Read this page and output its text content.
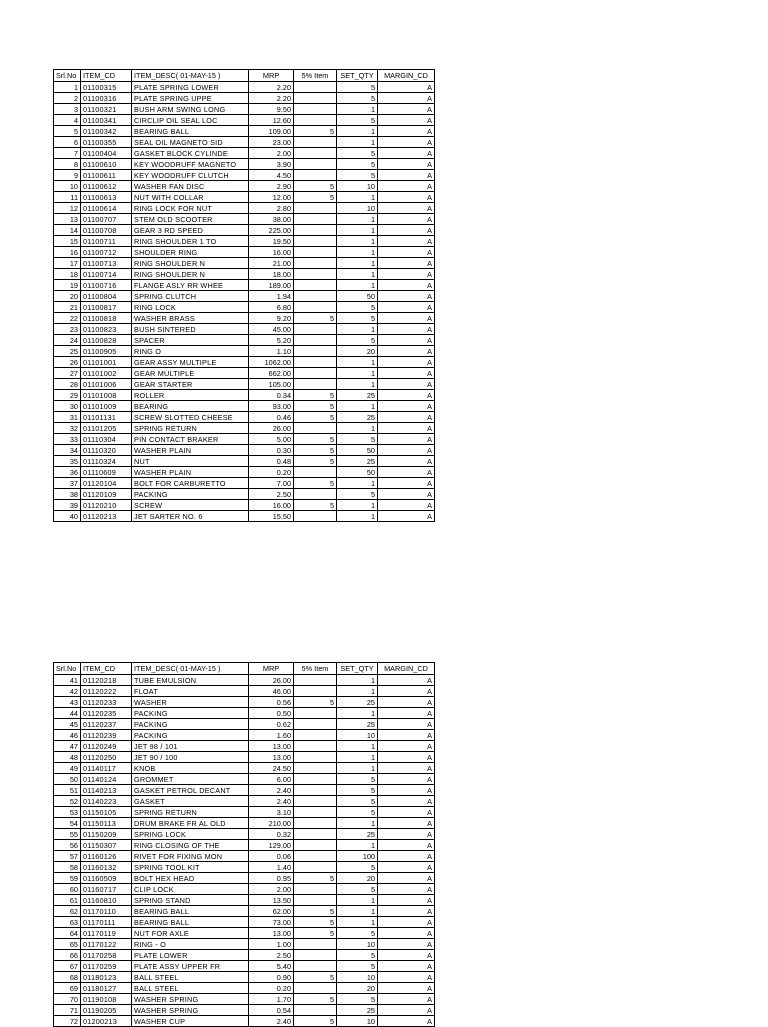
Srl.No	ITEM_CD	ITEM_DESC( 01-MAY-15 )	MRP	5% Item	SET_QTY	MARGIN_CD
1	01100315	PLATE SPRING LOWER	2.20		5	A
2	01100316	PLATE SPRING UPPE	2.20		5	A
3	01100321	BUSH ARM SWING LONG	9.50		1	A
4	01100341	CIRCLIP OIL SEAL LOC	12.60		5	A
5	01100342	BEARING BALL	109.00	5	1	A
6	01100355	SEAL OIL MAGNETO SID	23.00		1	A
7	01100404	GASKET BLOCK CYLINDE	2.00		5	A
8	01100610	KEY WOODRUFF MAGNETO	3.90		5	A
9	01100611	KEY WOODRUFF CLUTCH	4.50		5	A
10	01100612	WASHER FAN DISC	2.90	5	10	A
11	01100613	NUT WITH COLLAR	12.00	5	1	A
12	01100614	RING LOCK FOR NUT	2.80		10	A
13	01100707	STEM OLD SCOOTER	38.00		1	A
14	01100708	GEAR 3 RD SPEED	225.00		1	A
15	01100711	RING SHOULDER 1 TO	19.50		1	A
16	01100712	SHOULDER RING	16.00		1	A
17	01100713	RING SHOULDER N	21.00		1	A
18	01100714	RING SHOULDER N	18.00		1	A
19	01100716	FLANGE ASLY RR WHEE	189.00		1	A
20	01100804	SPRING CLUTCH	1.94		50	A
21	01100817	RING LOCK	6.80		5	A
22	01100818	WASHER BRASS	9.20	5	5	A
23	01100823	BUSH SINTERED	45.00		1	A
24	01100828	SPACER	5.20		5	A
25	01100905	RING O	1.10		20	A
26	01101001	GEAR ASSY MULTIPLE	1062.00		1	A
27	01101002	GEAR MULTIPLE	662.00		1	A
28	01101006	GEAR STARTER	105.00		1	A
29	01101008	ROLLER	0.34	5	25	A
30	01101009	BEARING	93.00	5	1	A
31	01101131	SCREW SLOTTED CHEESE	0.46	5	25	A
32	01101205	SPRING RETURN	26.00		1	A
33	01110304	PIN CONTACT BRAKER	5.00	5	5	A
34	01110320	WASHER PLAIN	0.30	5	50	A
35	01110324	NUT	0.48	5	25	A
36	01110609	WASHER PLAIN	0.20		50	A
37	01120104	BOLT FOR CARBURETTO	7.00	5	1	A
38	01120109	PACKING	2.50		5	A
39	01120210	SCREW	16.00	5	1	A
40	01120213	JET SARTER NO. 6	15.50		1	A
Srl.No	ITEM_CD	ITEM_DESC( 01-MAY-15 )	MRP	5% Item	SET_QTY	MARGIN_CD
41	01120218	TUBE EMULSION	26.00		1	A
42	01120222	FLOAT	46.00		1	A
43	01120233	WASHER	0.56	5	25	A
44	01120235	PACKING	0.50		1	A
45	01120237	PACKING	0.62		25	A
46	01120239	PACKING	1.60		10	A
47	01120249	JET 98 / 101	13.00		1	A
48	01120250	JET 90 / 100	13.00		1	A
49	01140117	KNOB	24.50		1	A
50	01140124	GROMMET	6.00		5	A
51	01140213	GASKET PETROL DECANT	2.40		5	A
52	01140223	GASKET	2.40		5	A
53	01150105	SPRING RETURN	3.10		5	A
54	01150113	DRUM BRAKE FR AL OLD	210.00		1	A
55	01150209	SPRING LOCK	0.32		25	A
56	01150307	RING CLOSING OF THE	129.00		1	A
57	01160126	RIVET FOR FIXING MON	0.06		100	A
58	01160132	SPRING TOOL KIT	1.40		5	A
59	01160509	BOLT HEX HEAD	0.95	5	20	A
60	01160717	CLIP LOCK	2.00		5	A
61	01160810	SPRING STAND	13.50		1	A
62	01170110	BEARING BALL	62.00	5	1	A
63	01170111	BEARING BALL	73.00	5	1	A
64	01170119	NUT FOR AXLE	13.00	5	5	A
65	01170122	RING - O	1.00		10	A
66	01170258	PLATE LOWER	2.50		5	A
67	01170259	PLATE ASSY UPPER FR	5.40		5	A
68	01180123	BALL STEEL	0.90	5	10	A
69	01180127	BALL STEEL	0.20		20	A
70	01190108	WASHER SPRING	1.70	5	5	A
71	01190205	WASHER SPRING	0.54		25	A
72	01200213	WASHER CUP	2.40	5	10	A
